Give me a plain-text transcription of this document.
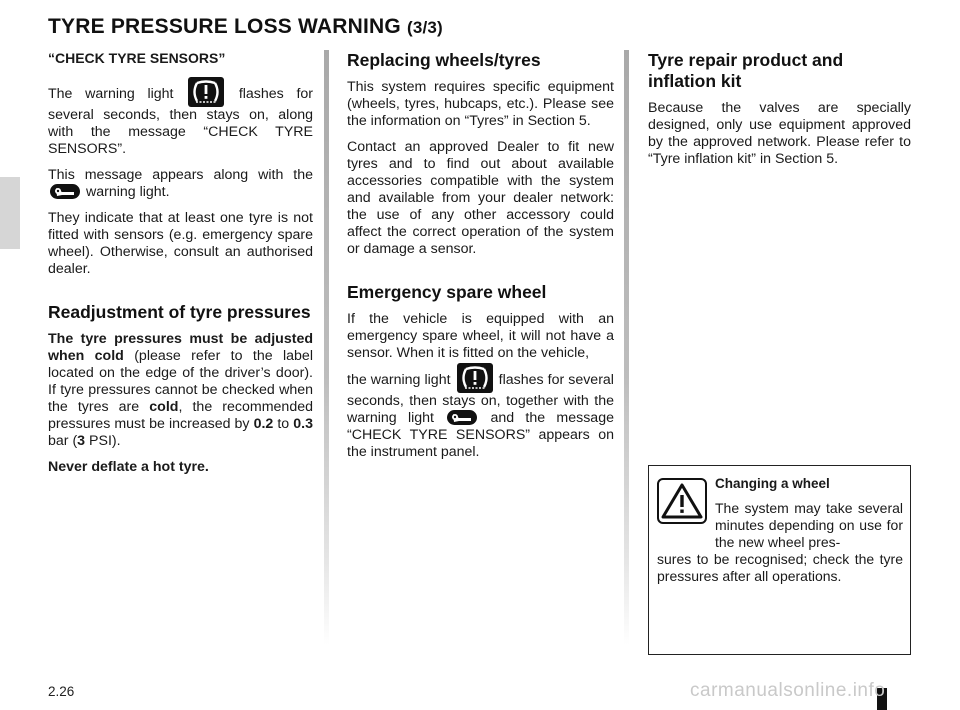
TYRE PRESSURE LOSS WARNING (3/3)
“CHECK TYRE SENSORS”

The warning light	flashes for several seconds, then stays on, along with the message “CHECK TYRE SENSORS”.

This message appears along with the
warning light.

They indicate that at least one tyre is not fitted with sensors (e.g. emergency spare wheel). Otherwise, consult an authorised dealer.

Readjustment of tyre pressures

The tyre pressures must be adjusted when cold (please refer to the label located on the edge of the driver’s door). If tyre pressures cannot be checked when the tyres are cold, the recommended pressures must be increased by 0.2 to 0.3 bar (3 PSI).

Never deflate a hot tyre.

Replacing wheels/tyres

This system requires specific equipment (wheels, tyres, hubcaps, etc.). Please see the information on “Tyres” in Section 5.

Contact an approved Dealer to fit new tyres and to find out about available accessories compatible with the system and available from your dealer network: the use of any other accessory could affect the correct operation of the system or damage a sensor.

Emergency spare wheel

If the vehicle is equipped with an emergency spare wheel, it will not have a sensor. When it is fitted on the vehicle,

the warning light	flashes for several seconds, then stays on, together with the warning light	and the message “CHECK TYRE SENSORS” appears on the instrument panel.

Tyre repair product and inflation kit

Because the valves are specially designed, only use equipment approved by the approved network. Please refer to “Tyre inflation kit” in Section 5.

Changing a wheel
The system may take several minutes depending on use for the new wheel pres-
sures to be recognised; check the tyre pressures after all operations.
2.26	carmanualsonline.info
